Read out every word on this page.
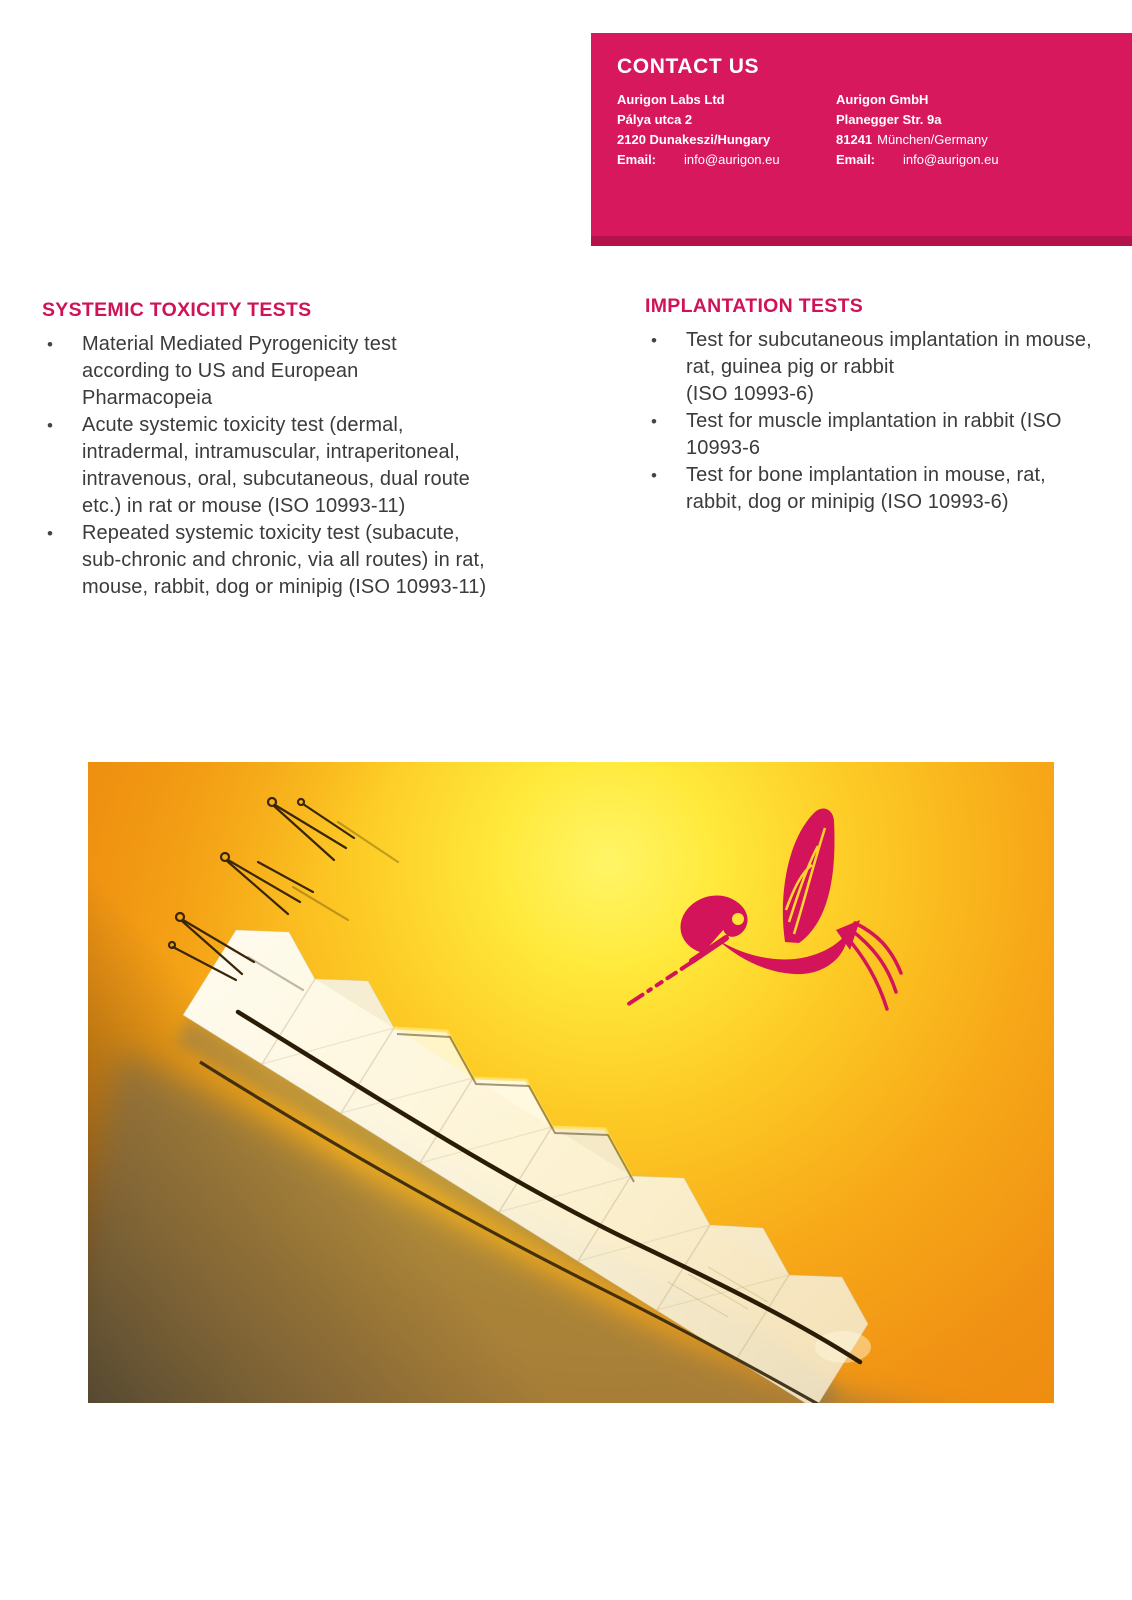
CONTACT US
Aurigon Labs Ltd
Pálya utca 2
2120 Dunakeszi/Hungary
Email: info@aurigon.eu
Aurigon GmbH
Planegger Str. 9a
81241 München/Germany
Email: info@aurigon.eu
SYSTEMIC TOXICITY TESTS
•	Material Mediated Pyrogenicity test
according to US and European
Pharmacopeia
•	Acute systemic toxicity test (dermal,
intradermal, intramuscular, intraperitoneal,
intravenous, oral, subcutaneous, dual route
etc.) in rat or mouse (ISO 10993-11)
•	Repeated systemic toxicity test (subacute,
sub-chronic and chronic, via all routes) in rat,
mouse, rabbit, dog or minipig (ISO 10993-11)
IMPLANTATION TESTS
•	Test for subcutaneous implantation in mouse,
rat, guinea pig or rabbit
(ISO 10993-6)
•	Test for muscle implantation in rabbit (ISO
10993-6
•	Test for bone implantation in mouse, rat,
rabbit, dog or minipig (ISO 10993-6)
